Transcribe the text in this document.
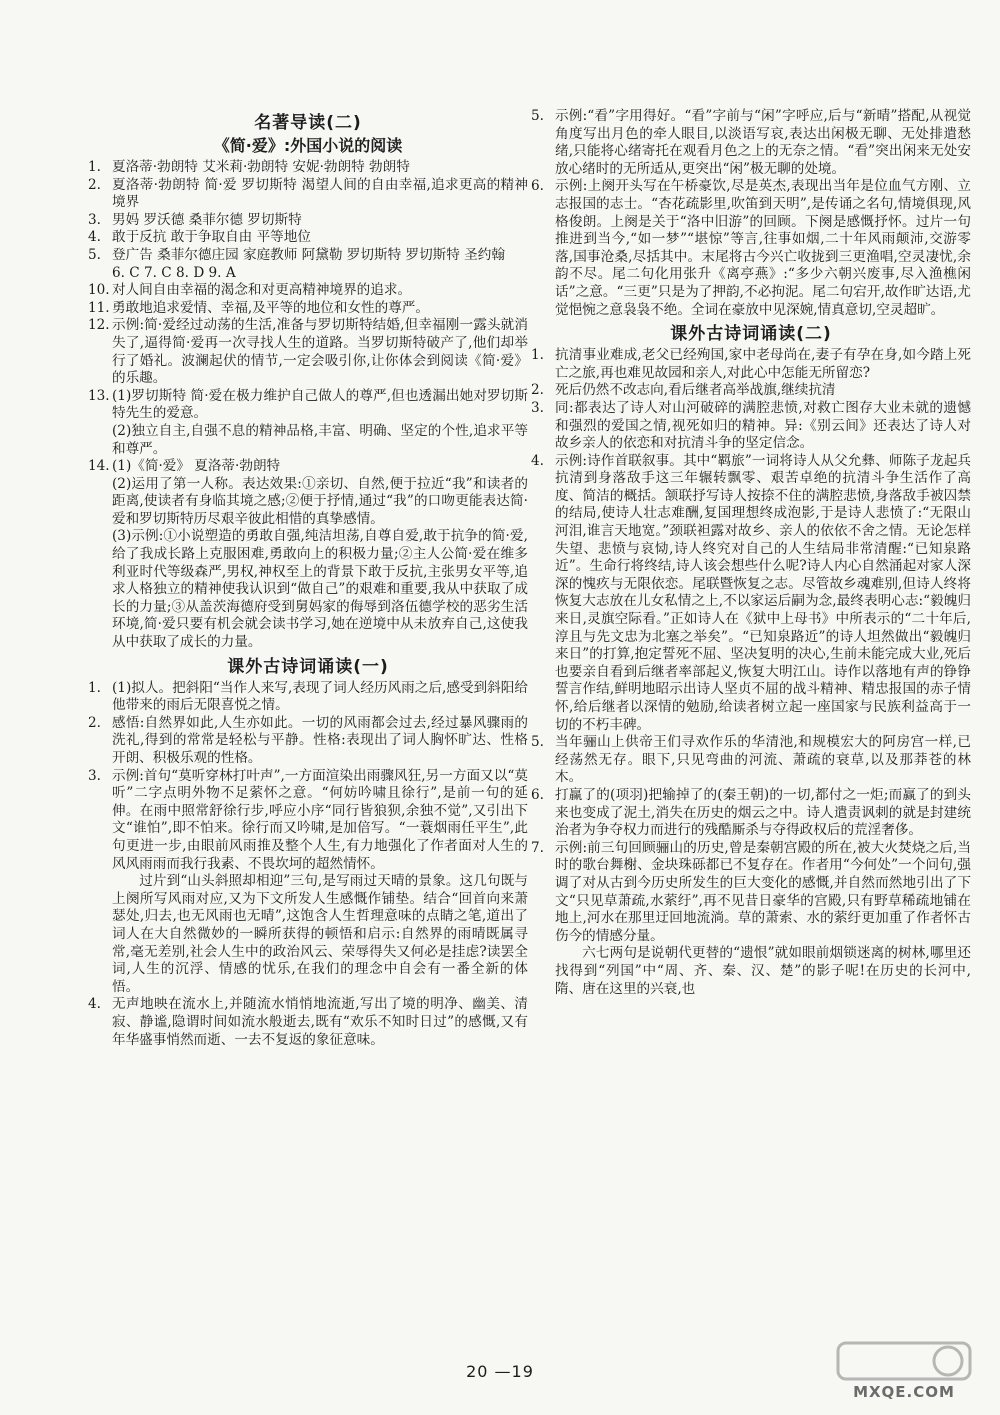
名著导读(二)
《简·爱》:外国小说的阅读
1. 夏洛蒂·勃朗特 艾米莉·勃朗特 安妮·勃朗特 勃朗特
2. 夏洛蒂·勃朗特 简·爱 罗切斯特 渴望人间的自由幸福,追求更高的精神境界
3. 男妈 罗沃德 桑菲尔德 罗切斯特
4. 敢于反抗 敢于争取自由 平等地位
5. 登广告 桑菲尔德庄园 家庭教师 阿黛勒 罗切斯特 罗切斯特 圣约翰
6. C 7. C 8. D 9. A
10. 对人间自由幸福的渴念和对更高精神境界的追求。
11. 勇敢地追求爱情、幸福,及平等的地位和女性的尊严。
12. 示例:简·爱经过动荡的生活,准备与罗切斯特结婚,但幸福刚一露头就消失了,逼得简·爱再一次寻找人生的道路。当罗切斯特破产了,他们却举行了婚礼。波澜起伏的情节,一定会吸引你,让你体会到阅读《简·爱》的乐趣。
13. (1)罗切斯特 简·爱在极力维护自己做人的尊严,但也透漏出她对罗切斯特先生的爱意。
(2)独立自主,自强不息的精神品格,丰富、明确、坚定的个性,追求平等和尊严。
14. (1)《简·爱》 夏洛蒂·勃朗特
(2)运用了第一人称。表达效果:①亲切、自然,便于拉近“我”和读者的距离,使读者有身临其境之感;②便于抒情,通过“我”的口吻更能表达简·爱和罗切斯特历尽艰辛彼此相惜的真挚感情。
(3)示例:①小说塑造的勇敢自强,纯洁坦荡,自尊自爱,敢于抗争的简·爱,给了我成长路上克服困难,勇敢向上的积极力量;②主人公简·爱在维多利亚时代等级森严,男权,神权至上的背景下敢于反抗,主张男女平等,追求人格独立的精神使我认识到“做自己”的艰难和重要,我从中获取了成长的力量;③从盖茨海德府受到舅妈家的侮辱到洛伍德学校的恶劣生活环境,简·爱只要有机会就会读书学习,她在逆境中从未放弃自己,这使我从中获取了成长的力量。
课外古诗词诵读(一)
1. (1)拟人。把斜阳“当作人来写,表现了词人经历风雨之后,感受到斜阳给他带来的雨后无限喜悦之情。
2. 感悟:自然界如此,人生亦如此。一切的风雨都会过去,经过暴风骤雨的洗礼,得到的常常是轻松与平静。性格:表现出了词人胸怀旷达、性格开朗、积极乐观的性格。
3. 示例:首句“莫听穿林打叶声”,一方面渲染出雨骤风狂,另一方面又以“莫听”二字点明外物不足萦怀之意。“何妨吟啸且徐行”,是前一句的延伸。在雨中照常舒徐行步,呼应小序“同行皆狼狈,余独不觉”,又引出下文“谁怕”,即不怕来。徐行而又吟啸,是加倍写。“一蓑烟雨任平生”,此句更进一步,由眼前风雨推及整个人生,有力地强化了作者面对人生的风风雨雨而我行我素、不畏坎坷的超然情怀。

过片到“山头斜照却相迎”三句,是写雨过天晴的景象。这几句既与上阕所写风雨对应,又为下文所发人生感慨作铺垫。结合“回首向来萧瑟处,归去,也无风雨也无晴”,这饱含人生哲理意味的点睛之笔,道出了词人在大自然微妙的一瞬所获得的顿悟和启示:自然界的雨晴既属寻常,毫无差别,社会人生中的政治风云、荣辱得失又何必是挂虑?读罢全词,人生的沉浮、情感的忧乐,在我们的理念中自会有一番全新的体悟。

4. 无声地映在流水上,并随流水悄悄地流逝,写出了境的明净、幽美、清寂、静谧,隐谓时间如流水般逝去,既有“欢乐不知时日过”的感慨,又有年华盛事悄然而逝、一去不复返的象征意味。
5. 示例:“看”字用得好。“看”字前与“闲”字呼应,后与“新晴”搭配,从视觉角度写出月色的牵人眼目,以淡语写哀,表达出闲极无聊、无处排遣愁绪,只能将心绪寄托在观看月色之上的无奈之情。“看”突出闲来无处安放心绪时的无所适从,更突出“闲”极无聊的处境。
6. 示例:上阕开头写在午桥豪饮,尽是英杰,表现出当年是位血气方刚、立志报国的志士。“杏花疏影里,吹笛到天明”,是传诵之名句,情境俱现,风格俊朗。上阕是关于“洛中旧游”的回顾。下阕是感慨抒怀。过片一句推进到当今,“如一梦”“堪惊”等言,往事如烟,二十年风雨颠沛,交游零落,国事沧桑,尽括其中。末尾将古今兴亡收拢到三更渔唱,空灵凄忧,余韵不尽。尾二句化用张升《离亭燕》:“多少六朝兴废事,尽入渔樵闲话”之意。“三更”只是为了押韵,不必拘泥。尾二句宕开,故作旷达语,尤觉悒惋之意袅袅不绝。全词在豪放中见深婉,情真意切,空灵超旷。
课外古诗词诵读(二)
1. 抗清事业难成,老父已经殉国,家中老母尚在,妻子有孕在身,如今踏上死亡之旅,再也难见故园和亲人,对此心中怎能无所留恋?
2. 死后仍然不改志向,看后继者高举战旗,继续抗清
3. 同:都表达了诗人对山河破碎的满腔悲愤,对救亡图存大业未就的遗憾和强烈的爱国之情,视死如归的精神。异:《别云间》还表达了诗人对故乡亲人的依恋和对抗清斗争的坚定信念。
4. 示例:诗作首联叙事。其中“羁旅”一词将诗人从父允彝、师陈子龙起兵抗清到身落敌手这三年辗转飘零、艰苦卓绝的抗清斗争生活作了高度、简洁的概括。颔联抒写诗人按捺不住的满腔悲愤,身落敌手被囚禁的结局,使诗人壮志难酬,复国理想终成泡影,于是诗人悲愤了:“无限山河泪,谁言天地宽。”颈联袒露对故乡、亲人的依依不舍之情。无论怎样失望、悲愤与哀恸,诗人终究对自己的人生结局非常清醒:“已知泉路近”。生命行将终结,诗人该会想些什么呢?诗人内心自然涌起对家人深深的愧疚与无限依恋。尾联暨恢复之志。尽管故乡魂难别,但诗人终将恢复大志放在儿女私情之上,不以家运后嗣为念,最终表明心志:“毅魄归来日,灵旗空际看。”正如诗人在《狱中上母书》中所表示的“二十年后,淳且与先文忠为北塞之举矣”。“已知泉路近”的诗人坦然做出“毅魄归来日”的打算,抱定誓死不屈、坚决复明的决心,生前未能完成大业,死后也要亲自看到后继者率部起义,恢复大明江山。诗作以落地有声的铮铮誓言作结,鲜明地昭示出诗人坚贞不屈的战斗精神、精忠报国的赤子情怀,给后继者以深情的勉励,给读者树立起一座国家与民族利益高于一切的不朽丰碑。
5. 当年骊山上供帝王们寻欢作乐的华清池,和规模宏大的阿房宫一样,已经荡然无存。眼下,只见弯曲的河流、萧疏的衰草,以及那莽苍的林木。
6. 打赢了的(项羽)把输掉了的(秦王朝)的一切,都付之一炬;而赢了的到头来也变成了泥土,消失在历史的烟云之中。诗人遣责讽刺的就是封建统治者为争夺权力而进行的残酷厮杀与夺得政权后的荒淫奢侈。
7. 示例:前三句回顾骊山的历史,曾是秦朝宫殿的所在,被大火焚烧之后,当时的歌台舞榭、金块珠砾都已不复存在。作者用“今何处”一个问句,强调了对从古到今历史所发生的巨大变化的感慨,并自然而然地引出了下文“只见草萧疏,水萦纡”,再不见昔日豪华的宫殿,只有野草稀疏地铺在地上,河水在那里迂回地流淌。草的萧索、水的萦纡更加重了作者怀古伤今的情感分量。

六七两句是说朝代更替的“遗恨”就如眼前烟锁迷离的树林,哪里还找得到“列国”中“周、齐、秦、汉、楚”的影子呢!在历史的长河中,隋、唐在这里的兴衰,也

20 —19
MXQE.COM
